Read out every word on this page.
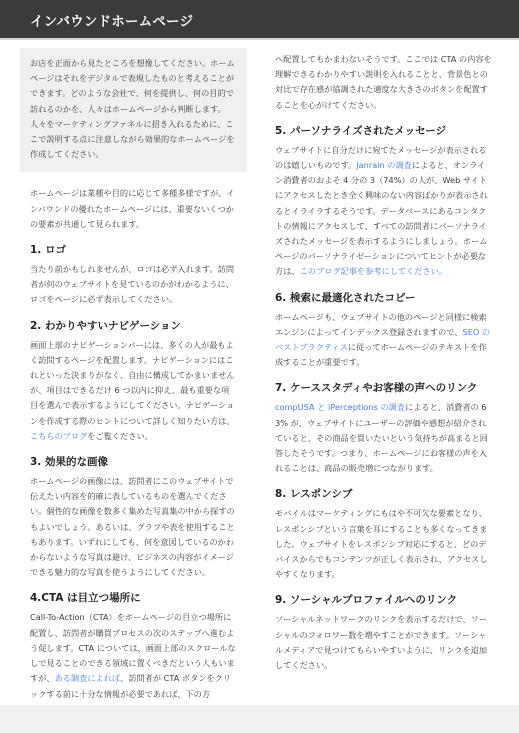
インバウンドホームページ

お店を正面から見たところを想像してください。ホームページはそれをデジタルで表現したものと考えることができます。どのような会社で、何を提供し、何の目的で訪れるのかを、人々はホームページから判断します。人々をマーケティングファネルに招き入れるために、ここで説明する点に注意しながら効果的なホームページを作成してください。

ホームページは業種や目的に応じて多種多様ですが、インバウンドの優れたホームページには、重要ないくつかの要素が共通して見られます。

1. ロゴ

当たり前かもしれませんが、ロゴは必ず入れます。訪問者が何のウェブサイトを見ているのかがわかるように、ロゴをページに必ず表示してください。

2. わかりやすいナビゲーション

画面上部のナビゲーションバーには、多くの人が最もよく訪問するページを配置します。ナビゲーションにはこれといった決まりがなく、自由に構成してかまいませんが、項目はできるだけ 6 つ以内に抑え、最も重要な項目を選んで表示するようにしてください。ナビゲーションを作成する際のヒントについて詳しく知りたい方は、こちらのブログをご覧ください。

3. 効果的な画像

ホームページの画像には、訪問者にこのウェブサイトで伝えたい内容を的確に表しているものを選んでください。個性的な画像を数多く集めた写真集の中から探すのもよいでしょう。あるいは、グラフや表を使用することもあります。いずれにしても、何を意図しているのかわからないような写真は避け、ビジネスの内容がイメージできる魅力的な写真を使うようにしてください。

4.CTA は目立つ場所に

Call-To-Action（CTA）をホームページの目立つ場所に配置し、訪問者が購買プロセスの次のステップへ進むよう促します。CTA については、画面上部のスクロールなしで見ることのできる領域に置くべきだという人もいますが、ある調査によれば、訪問者が CTA ボタンをクリックする前に十分な情報が必要であれば、下の方

へ配置してもかまわないそうです。ここでは CTA の内容を理解できるわかりやすい説明を入れることと、背景色との対比で存在感が協調された適度な大きさのボタンを配置することを心がけてください。

5. パーソナライズされたメッセージ

ウェブサイトに自分だけに宛てたメッセージが表示されるのは嬉しいものです。Janrain の調査によると、オンライン消費者のおよそ 4 分の 3（74%）の人が、Web サイトにアクセスしたとき全く興味のない内容ばかりが表示されるとイライラするそうです。データベースにあるコンタクトの情報にアクセスして、すべての訪問者にパーソナライズされたメッセージを表示するようにしましょう。ホームページのパーソナライゼーションについてヒントが必要な方は、このブログ記事を参考にしてください。

6. 検索に最適化されたコピー

ホームページも、ウェブサイトの他のページと同様に検索エンジンによってインデックス登録されますので、SEO のベストプラクティスに従ってホームページのテキストを作成することが重要です。

7. ケーススタディやお客様の声へのリンク

compUSA と iPerceptions の調査によると、消費者の 63% が、ウェブサイトにユーザーの評価や感想が紹介されていると、その商品を買いたいという気持ちが高まると回答したそうです。つまり、ホームページにお客様の声を入れることは、商品の販売増につながります。

8. レスポンシブ

モバイルはマーケティングにもはや不可欠な要素となり、レスポンシブという言葉を耳にすることも多くなってきました。ウェブサイトをレスポンシブ対応にすると、どのデバイスからでもコンテンツが正しく表示され、アクセスしやすくなります。

9. ソーシャルプロファイルへのリンク

ソーシャルネットワークのリンクを表示するだけで、ソーシャルのフォロワー数を増やすことができます。ソーシャルメディアで見つけてもらいやすいように、リンクを追加してください。
